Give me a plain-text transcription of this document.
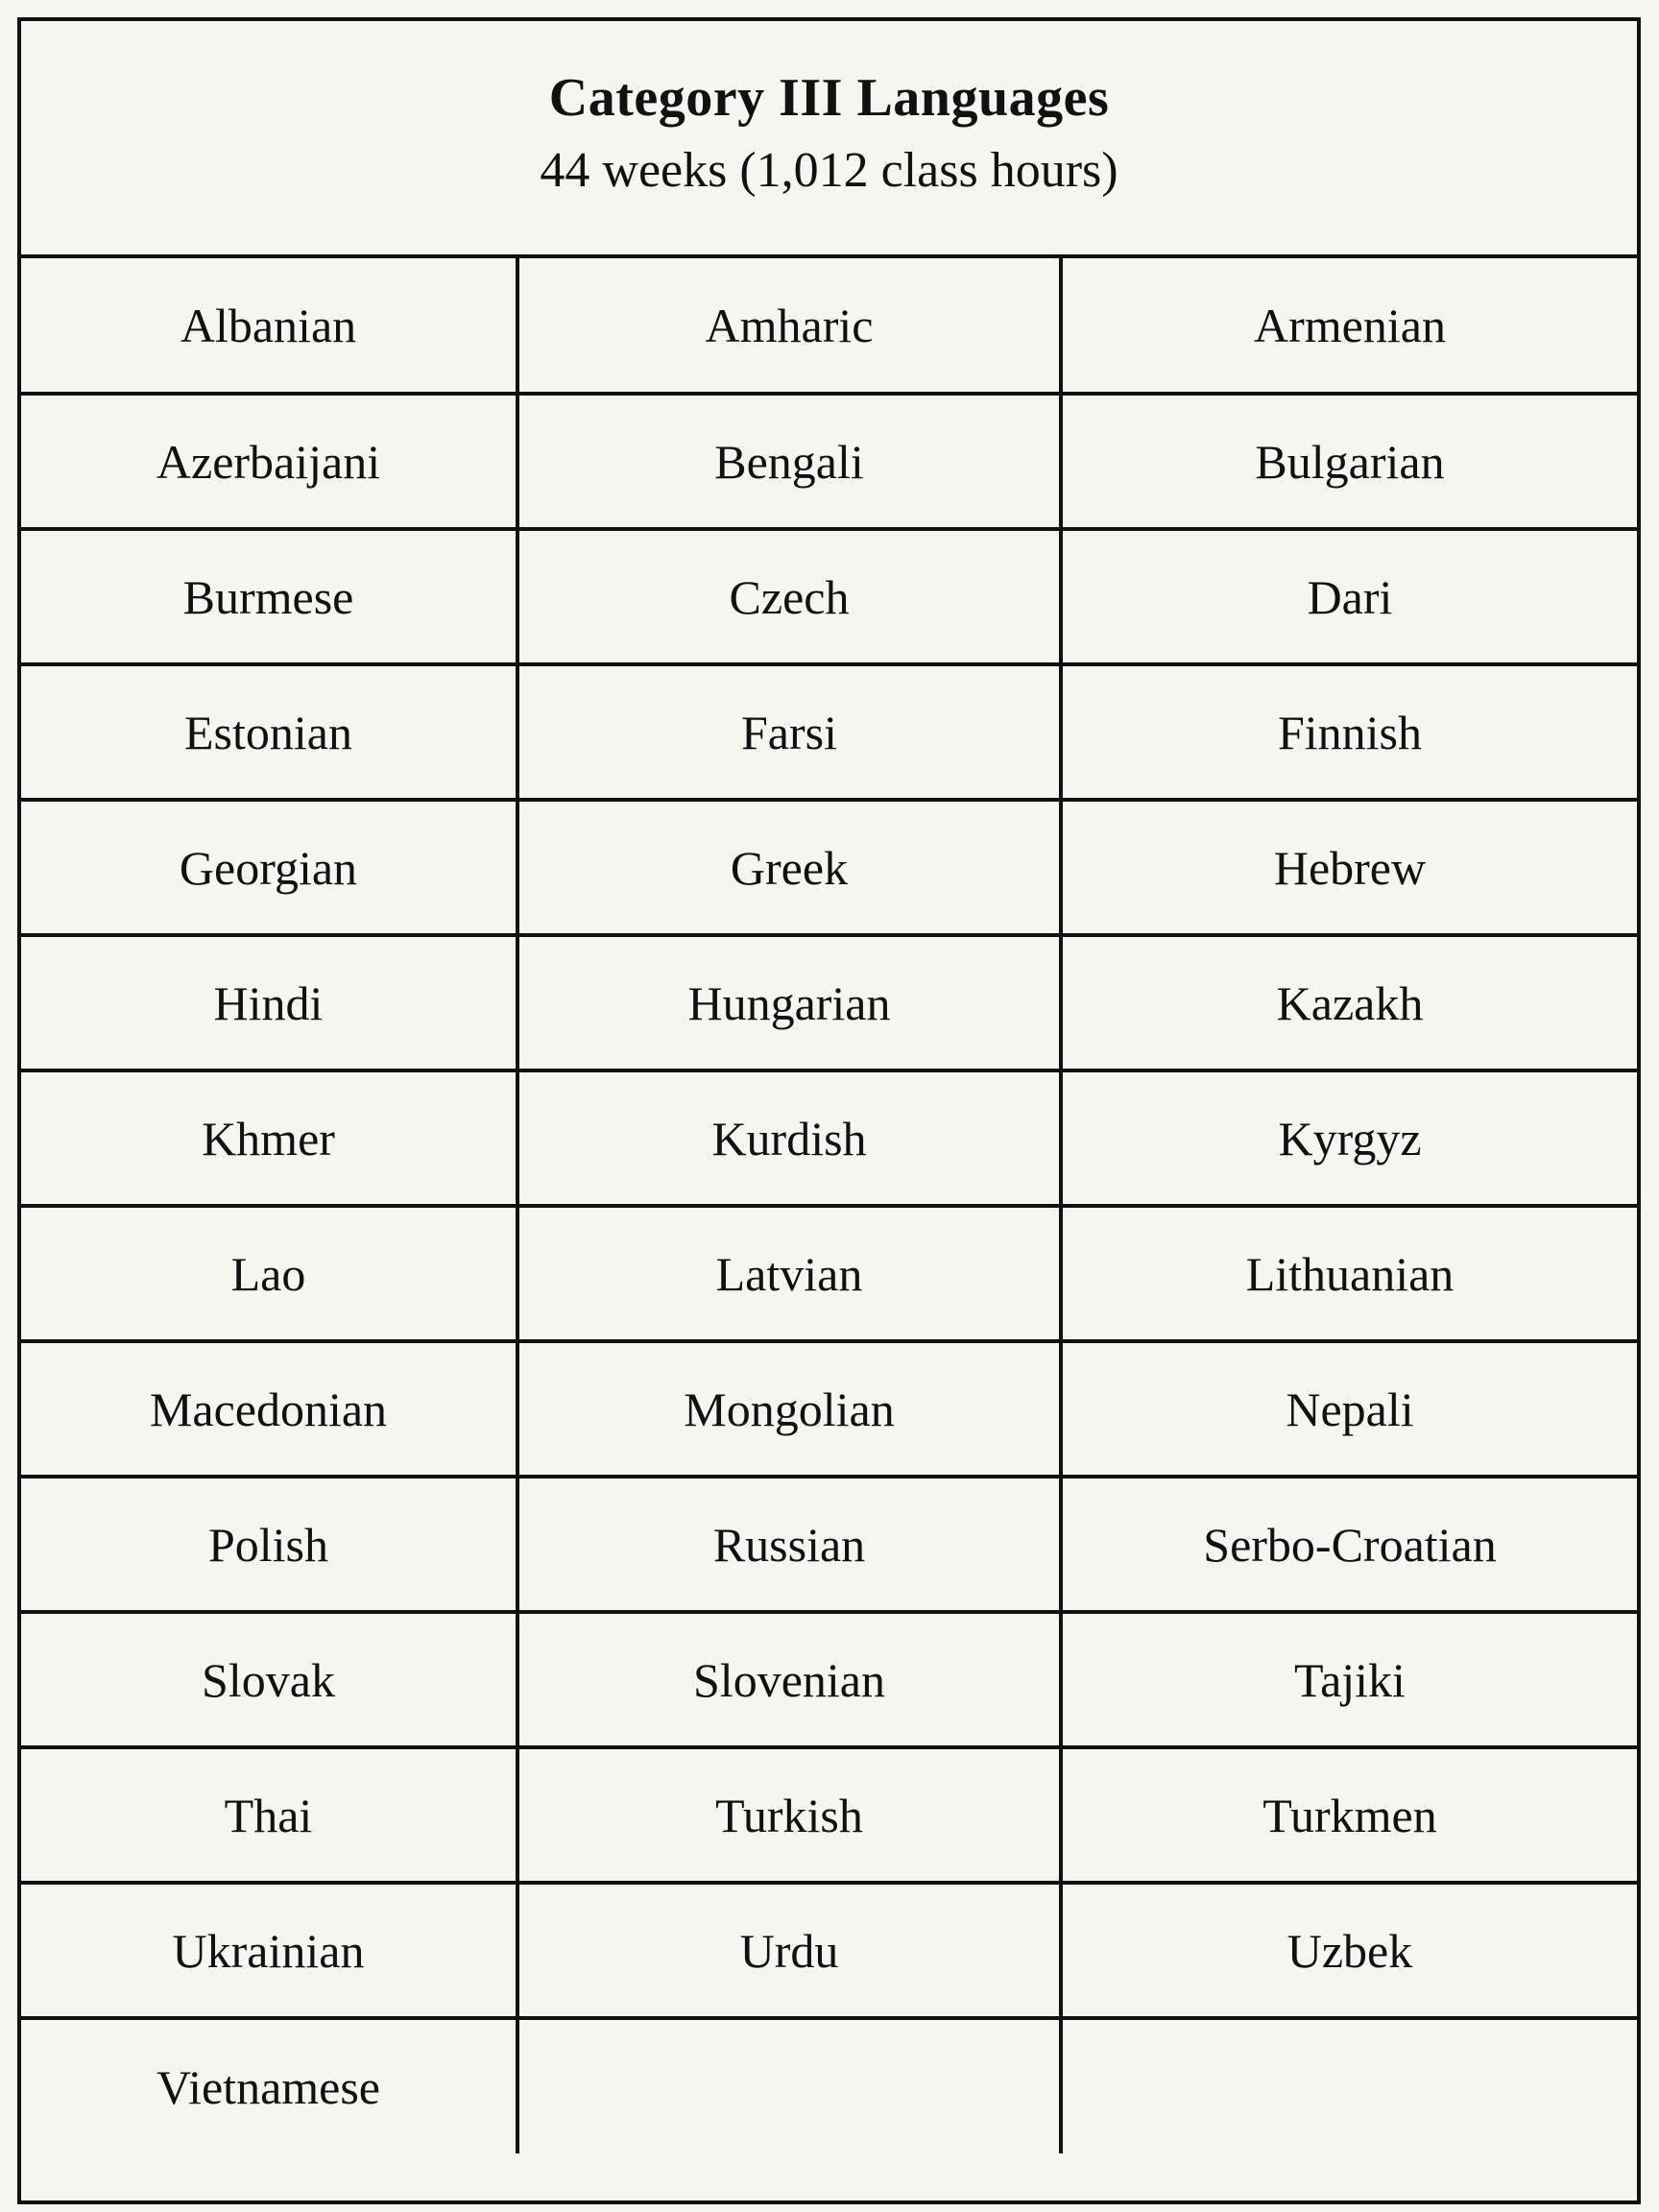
Category III Languages
44 weeks (1,012 class hours)
Albanian	Amharic	Armenian
Azerbaijani	Bengali	Bulgarian
Burmese	Czech	Dari
Estonian	Farsi	Finnish
Georgian	Greek	Hebrew
Hindi	Hungarian	Kazakh
Khmer	Kurdish	Kyrgyz
Lao	Latvian	Lithuanian
Macedonian	Mongolian	Nepali
Polish	Russian	Serbo-Croatian
Slovak	Slovenian	Tajiki
Thai	Turkish	Turkmen
Ukrainian	Urdu	Uzbek
Vietnamese		
